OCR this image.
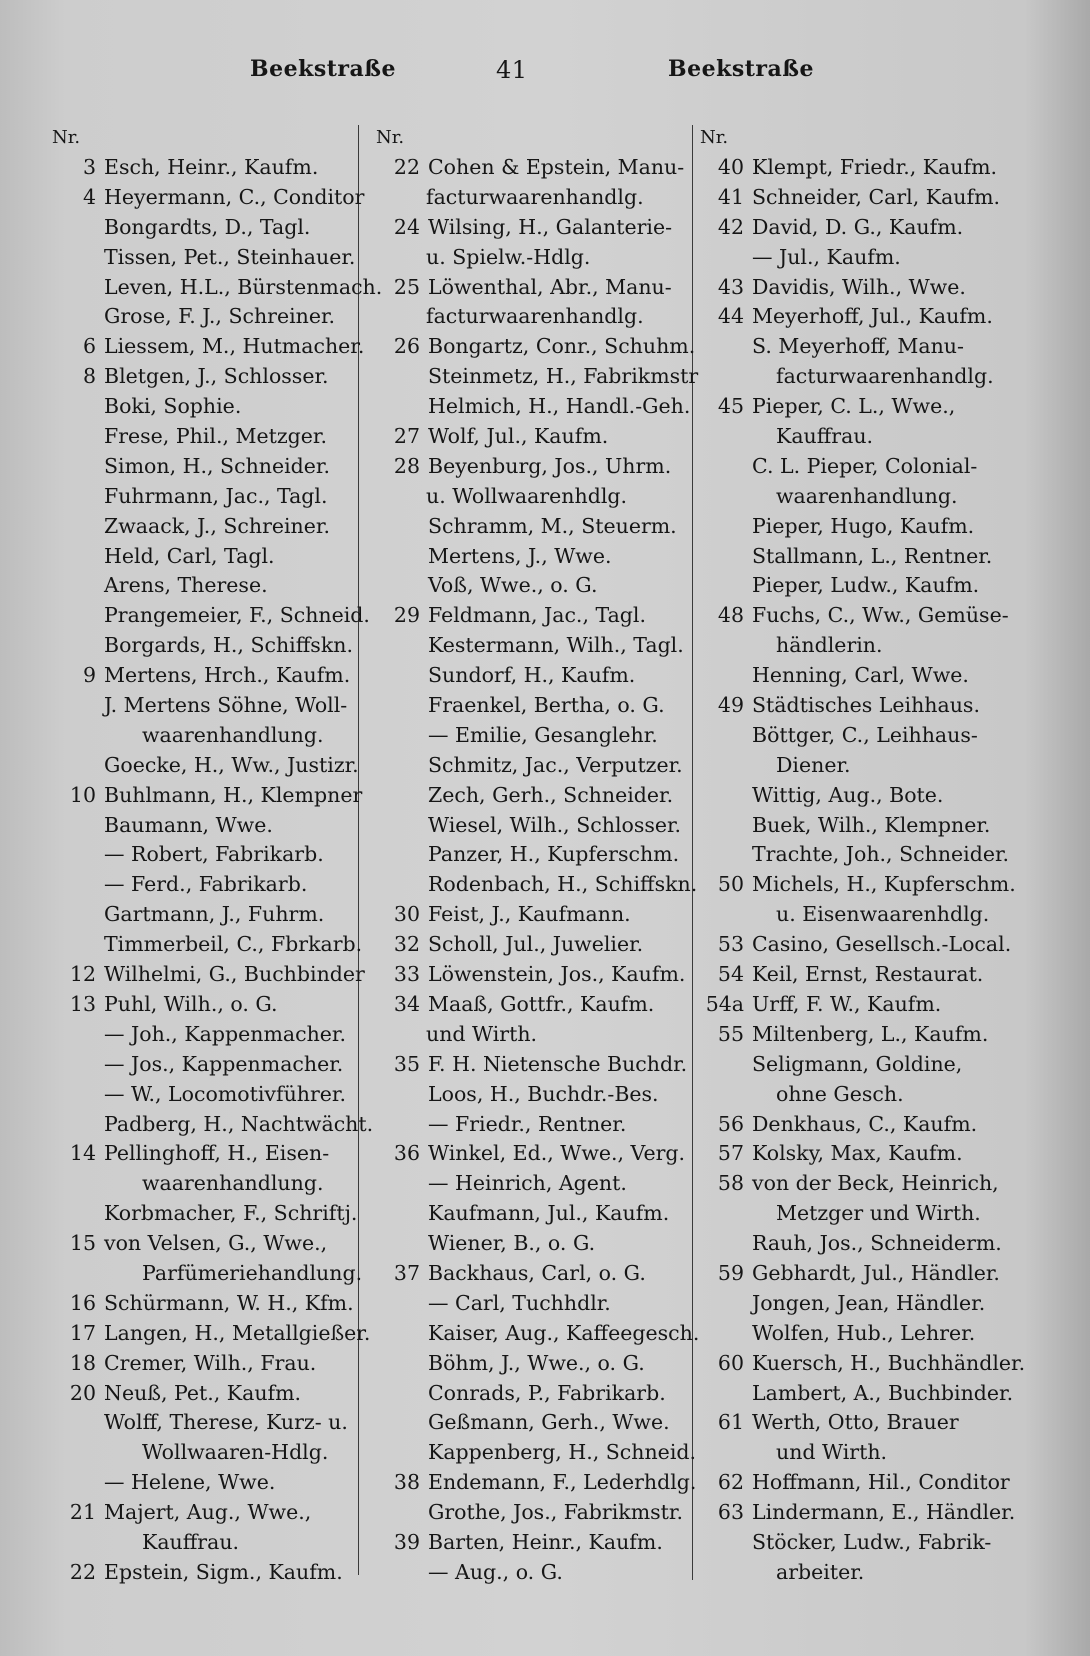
Beekstraße	41	Beekstraße
Nr.
3 Esch, Heinr., Kaufm.
4 Heyermann, C., Conditor
Bongardts, D., Tagl.
Tissen, Pet., Steinhauer.
Leven, H.L., Bürstenmach.
Grose, F. J., Schreiner.
6 Liessem, M., Hutmacher.
8 Bletgen, J., Schlosser.
Boki, Sophie.
Frese, Phil., Metzger.
Simon, H., Schneider.
Fuhrmann, Jac., Tagl.
Zwaack, J., Schreiner.
Held, Carl, Tagl.
Arens, Therese.
Prangemeier, F., Schneid.
Borgards, H., Schiffskn.
9 Mertens, Hrch., Kaufm.
J. Mertens Söhne, Woll-
waarenhandlung.
Goecke, H., Ww., Justizr.
10 Buhlmann, H., Klempner
Baumann, Wwe.
— Robert, Fabrikarb.
— Ferd., Fabrikarb.
Gartmann, J., Fuhrm.
Timmerbeil, C., Fbrkarb.
12 Wilhelmi, G., Buchbinder
13 Puhl, Wilh., o. G.
— Joh., Kappenmacher.
— Jos., Kappenmacher.
— W., Locomotivführer.
Padberg, H., Nachtwächt.
14 Pellinghoff, H., Eisen-
waarenhandlung.
Korbmacher, F., Schriftj.
15 von Velsen, G., Wwe.,
Parfümeriehandlung.
16 Schürmann, W. H., Kfm.
17 Langen, H., Metallgießer.
18 Cremer, Wilh., Frau.
20 Neuß, Pet., Kaufm.
Wolff, Therese, Kurz- u.
Wollwaaren-Hdlg.
— Helene, Wwe.
21 Majert, Aug., Wwe.,
Kauffrau.
22 Epstein, Sigm., Kaufm.
Nr.
22 Cohen & Epstein, Manu-
facturwaarenhandlg.
24 Wilsing, H., Galanterie-
u. Spielw.-Hdlg.
25 Löwenthal, Abr., Manu-
facturwaarenhandlg.
26 Bongartz, Conr., Schuhm.
Steinmetz, H., Fabrikmstr
Helmich, H., Handl.-Geh.
27 Wolf, Jul., Kaufm.
28 Beyenburg, Jos., Uhrm.
u. Wollwaarenhdlg.
Schramm, M., Steuerm.
Mertens, J., Wwe.
Voß, Wwe., o. G.
29 Feldmann, Jac., Tagl.
Kestermann, Wilh., Tagl.
Sundorf, H., Kaufm.
Fraenkel, Bertha, o. G.
— Emilie, Gesanglehr.
Schmitz, Jac., Verputzer.
Zech, Gerh., Schneider.
Wiesel, Wilh., Schlosser.
Panzer, H., Kupferschm.
Rodenbach, H., Schiffskn.
30 Feist, J., Kaufmann.
32 Scholl, Jul., Juwelier.
33 Löwenstein, Jos., Kaufm.
34 Maaß, Gottfr., Kaufm.
und Wirth.
35 F. H. Nietensche Buchdr.
Loos, H., Buchdr.-Bes.
— Friedr., Rentner.
36 Winkel, Ed., Wwe., Verg.
— Heinrich, Agent.
Kaufmann, Jul., Kaufm.
Wiener, B., o. G.
37 Backhaus, Carl, o. G.
— Carl, Tuchhdlr.
Kaiser, Aug., Kaffeegesch.
Böhm, J., Wwe., o. G.
Conrads, P., Fabrikarb.
Geßmann, Gerh., Wwe.
Kappenberg, H., Schneid.
38 Endemann, F., Lederhdlg.
Grothe, Jos., Fabrikmstr.
39 Barten, Heinr., Kaufm.
— Aug., o. G.
Nr.
40 Klempt, Friedr., Kaufm.
41 Schneider, Carl, Kaufm.
42 David, D. G., Kaufm.
— Jul., Kaufm.
43 Davidis, Wilh., Wwe.
44 Meyerhoff, Jul., Kaufm.
S. Meyerhoff, Manu-
facturwaarenhandlg.
45 Pieper, C. L., Wwe.,
Kauffrau.
C. L. Pieper, Colonial-
waarenhandlung.
Pieper, Hugo, Kaufm.
Stallmann, L., Rentner.
Pieper, Ludw., Kaufm.
48 Fuchs, C., Ww., Gemüse-
händlerin.
Henning, Carl, Wwe.
49 Städtisches Leihhaus.
Böttger, C., Leihhaus-
Diener.
Wittig, Aug., Bote.
Buek, Wilh., Klempner.
Trachte, Joh., Schneider.
50 Michels, H., Kupferschm.
u. Eisenwaarenhdlg.
53 Casino, Gesellsch.-Local.
54 Keil, Ernst, Restaurat.
54a Urff, F. W., Kaufm.
55 Miltenberg, L., Kaufm.
Seligmann, Goldine,
ohne Gesch.
56 Denkhaus, C., Kaufm.
57 Kolsky, Max, Kaufm.
58 von der Beck, Heinrich,
Metzger und Wirth.
Rauh, Jos., Schneiderm.
59 Gebhardt, Jul., Händler.
Jongen, Jean, Händler.
Wolfen, Hub., Lehrer.
60 Kuersch, H., Buchhändler.
Lambert, A., Buchbinder.
61 Werth, Otto, Brauer
und Wirth.
62 Hoffmann, Hil., Conditor
63 Lindermann, E., Händler.
Stöcker, Ludw., Fabrik-
arbeiter.
